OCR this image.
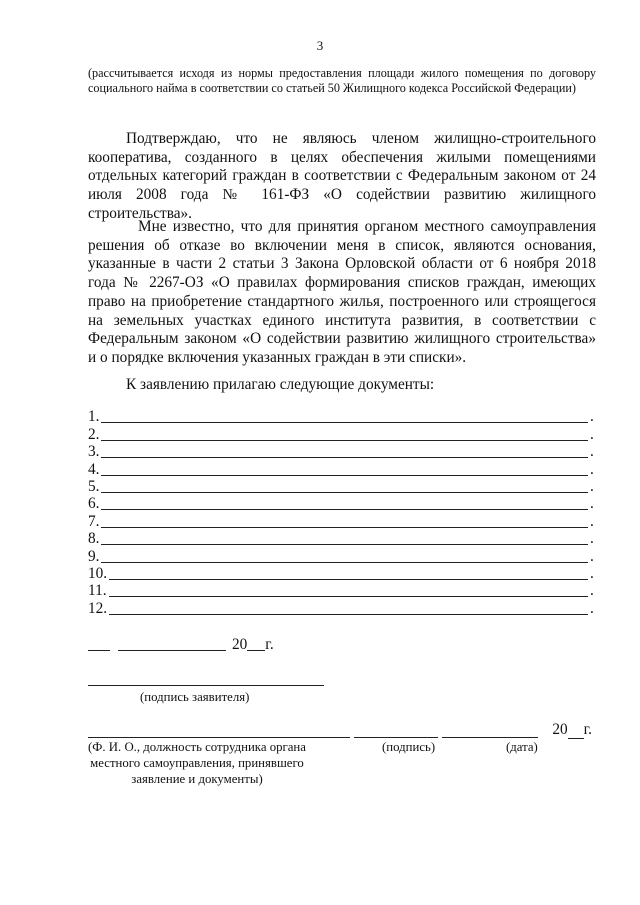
3
(рассчитывается исходя из нормы предоставления площади жилого помещения по договору социального найма в соответствии со статьей 50 Жилищного кодекса Российской Федерации)
Подтверждаю, что не являюсь членом жилищно-строительного кооператива, созданного в целях обеспечения жилыми помещениями отдельных категорий граждан в соответствии с Федеральным законом от 24 июля 2008 года № 161-ФЗ «О содействии развитию жилищного строительства».
Мне известно, что для принятия органом местного самоуправления решения об отказе во включении меня в список, являются основания, указанные в части 2 статьи 3 Закона Орловской области от 6 ноября 2018 года № 2267-ОЗ «О правилах формирования списков граждан, имеющих право на приобретение стандартного жилья, построенного или строящегося на земельных участках единого института развития, в соответствии с Федеральным законом «О содействии развитию жилищного строительства» и о порядке включения указанных граждан в эти списки».
К заявлению прилагаю следующие документы:
1.	.
2.	.
3.	.
4.	.
5.	.
6.	.
7.	.
8.	.
9.	.
10.	.
11.	.
12.	.
20 г.
(подпись заявителя)
20 г.
(Ф. И. О., должность сотрудника органа местного самоуправления, принявшего заявление и документы)
(подпись)	(дата)
